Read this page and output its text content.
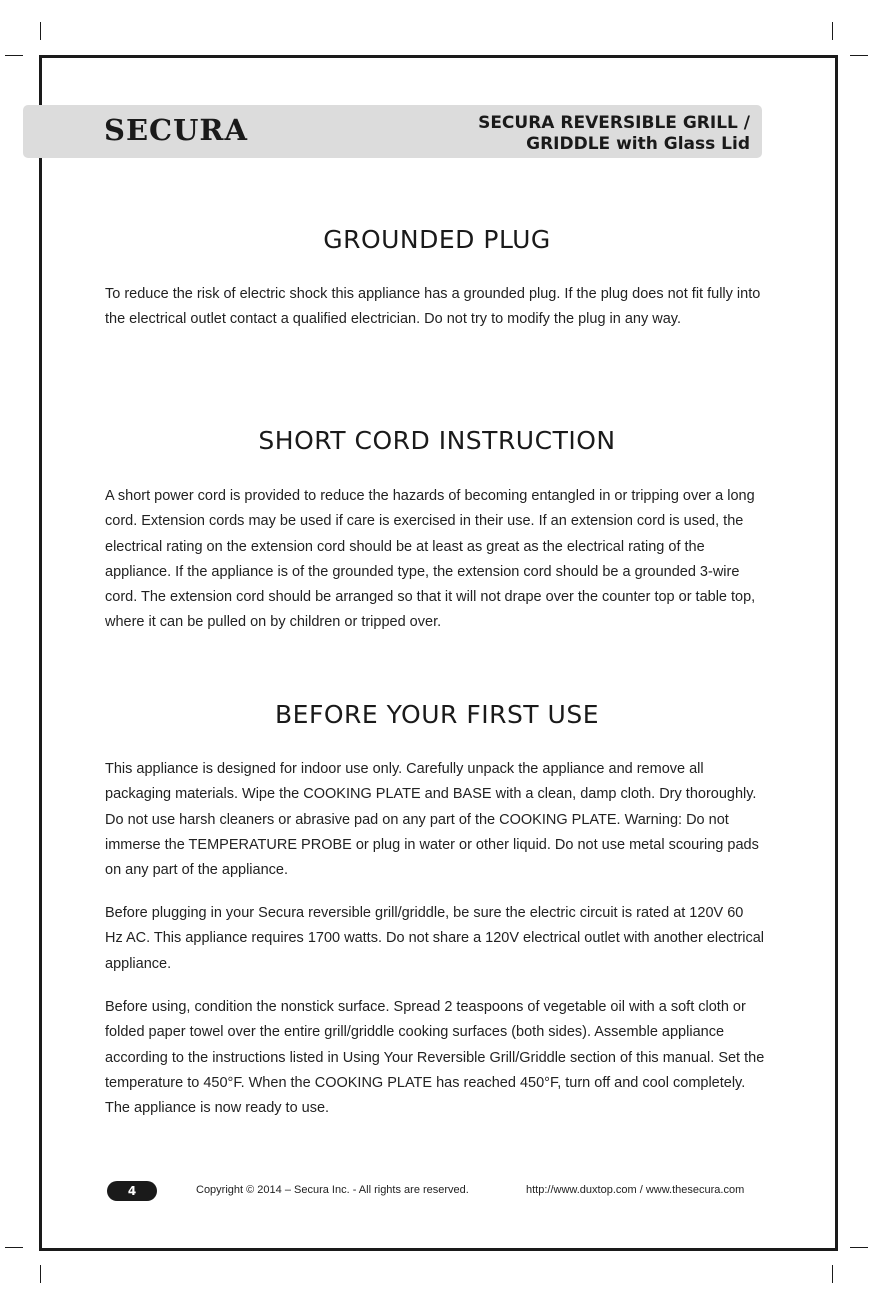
SECURA	SECURA REVERSIBLE GRILL /
GRIDDLE with Glass Lid
GROUNDED PLUG

To reduce the risk of electric shock this appliance has a grounded plug. If the plug does not fit fully into the electrical outlet contact a qualified electrician. Do not try to modify the plug in any way.

SHORT CORD INSTRUCTION

A short power cord is provided to reduce the hazards of becoming entangled in or tripping over a long cord. Extension cords may be used if care is exercised in their use. If an extension cord is used, the electrical rating on the extension cord should be at least as great as the electrical rating of the appliance. If the appliance is of the grounded type, the extension cord should be a grounded 3-wire cord. The extension cord should be arranged so that it will not drape over the counter top or table top, where it can be pulled on by children or tripped over.

BEFORE YOUR FIRST USE

This appliance is designed for indoor use only. Carefully unpack the appliance and remove all packaging materials. Wipe the COOKING PLATE and BASE with a clean, damp cloth. Dry thoroughly. Do not use harsh cleaners or abrasive pad on any part of the COOKING PLATE. Warning: Do not immerse the TEMPERATURE PROBE or plug in water or other liquid. Do not use metal scouring pads on any part of the appliance.

Before plugging in your Secura reversible grill/griddle, be sure the electric circuit is rated at 120V 60 Hz AC. This appliance requires 1700 watts. Do not share a 120V electrical outlet with another electrical appliance.

Before using, condition the nonstick surface. Spread 2 teaspoons of vegetable oil with a soft cloth or folded paper towel over the entire grill/griddle cooking surfaces (both sides). Assemble appliance according to the instructions listed in Using Your Reversible Grill/Griddle section of this manual. Set the temperature to 450°F. When the COOKING PLATE has reached 450°F, turn off and cool completely. The appliance is now ready to use.

4	Copyright © 2014 – Secura Inc. - All rights are reserved.	http://www.duxtop.com / www.thesecura.com
